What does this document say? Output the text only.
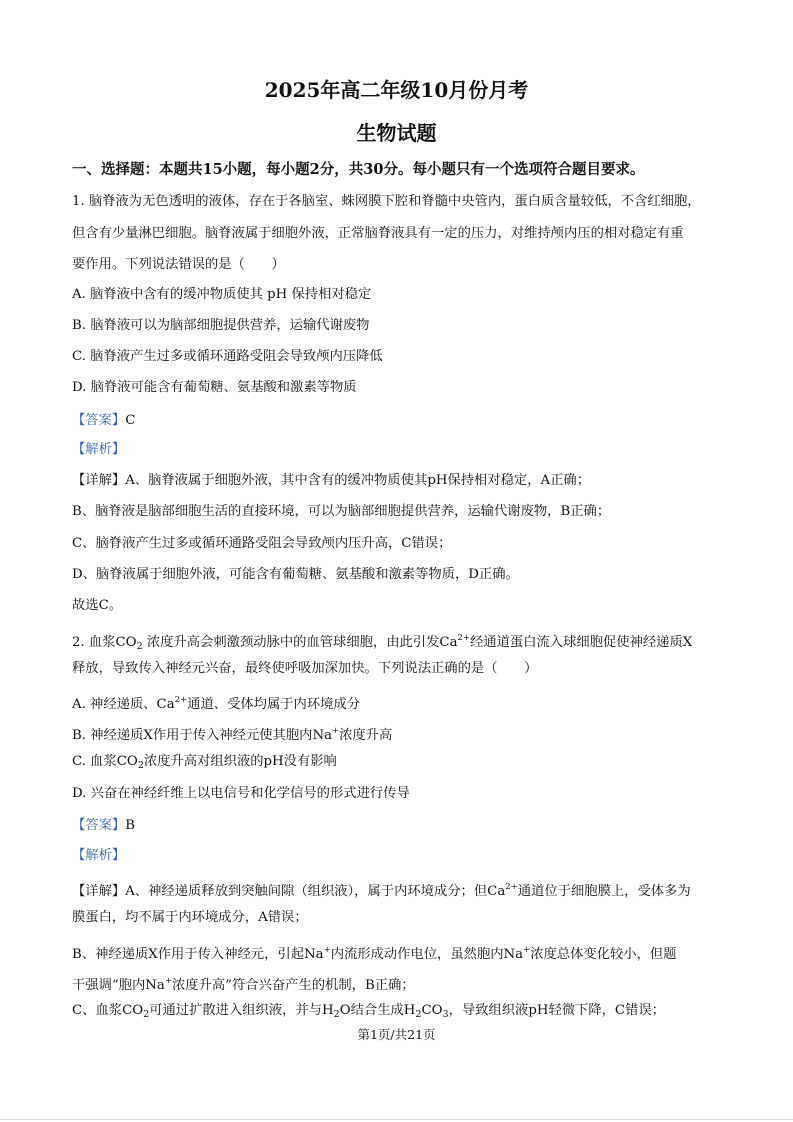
2025年高二年级10月份月考
生物试题
一、选择题：本题共15小题，每小题2分，共30分。每小题只有一个选项符合题目要求。
1. 脑脊液为无色透明的液体，存在于各脑室、蛛网膜下腔和脊髓中央管内，蛋白质含量较低，不含红细胞，
但含有少量淋巴细胞。脑脊液属于细胞外液，正常脑脊液具有一定的压力，对维持颅内压的相对稳定有重
要作用。下列说法错误的是（　　）
A. 脑脊液中含有的缓冲物质使其 pH 保持相对稳定
B. 脑脊液可以为脑部细胞提供营养，运输代谢废物
C. 脑脊液产生过多或循环通路受阻会导致颅内压降低
D. 脑脊液可能含有葡萄糖、氨基酸和激素等物质
【答案】C
【解析】
【详解】A、脑脊液属于细胞外液，其中含有的缓冲物质使其pH保持相对稳定，A正确；
B、脑脊液是脑部细胞生活的直接环境，可以为脑部细胞提供营养，运输代谢废物，B正确；
C、脑脊液产生过多或循环通路受阻会导致颅内压升高，C错误；
D、脑脊液属于细胞外液，可能含有葡萄糖、氨基酸和激素等物质，D正确。
故选C。
2. 血浆$CO_2$ 浓度升高会刺激颈动脉中的血管球细胞，由此引发$Ca^{2+}$经通道蛋白流入球细胞促使神经递质X
释放，导致传入神经元兴奋，最终使呼吸加深加快。下列说法正确的是（　　）
A. 神经递质、$Ca^{2+}$通道、受体均属于内环境成分
B. 神经递质X作用于传入神经元使其胞内Na+浓度升高
C. 血浆$CO_2$浓度升高对组织液的pH没有影响
D. 兴奋在神经纤维上以电信号和化学信号的形式进行传导
【答案】B
【解析】
【详解】A、神经递质释放到突触间隙（组织液），属于内环境成分；但$Ca^{2+}$通道位于细胞膜上，受体多为
膜蛋白，均不属于内环境成分，A错误；
B、神经递质X作用于传入神经元，引起Na+内流形成动作电位，虽然胞内Na+浓度总体变化较小，但题
干强调“胞内Na+浓度升高”符合兴奋产生的机制，B正确；
C、血浆$CO_2$可通过扩散进入组织液，并与$H_2O$结合生成$H_2CO_3$，导致组织液pH轻微下降，C错误；
第1页/共21页
